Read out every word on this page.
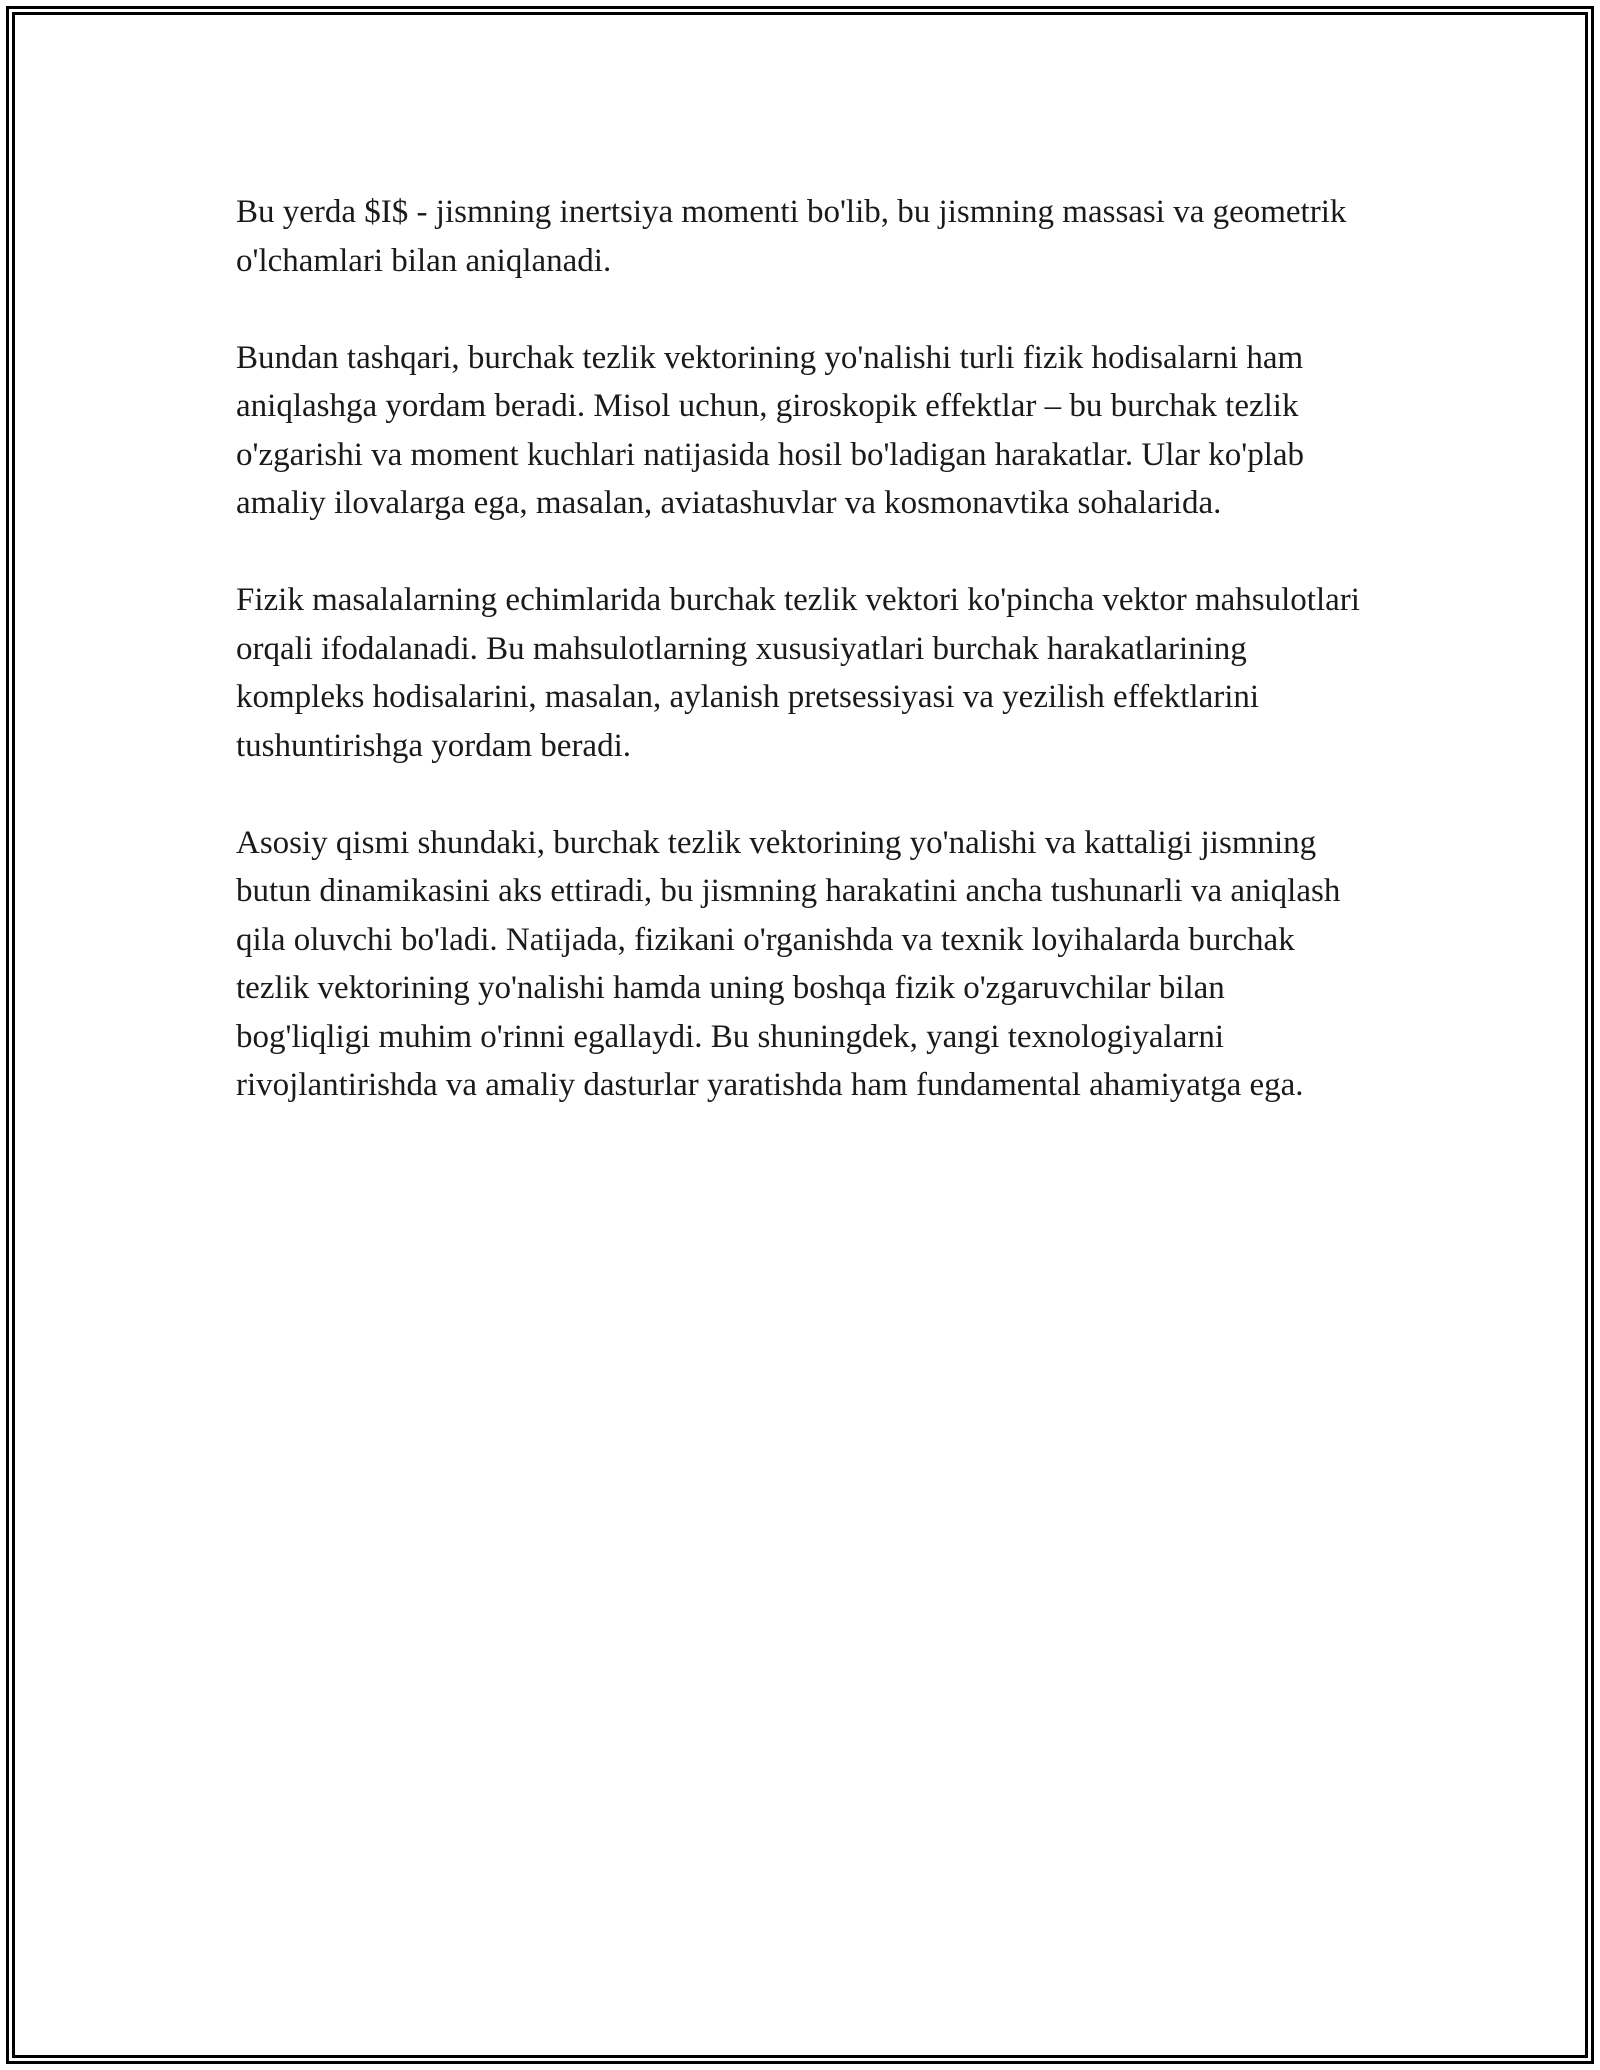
Bu yerda $I$ - jismning inertsiya momenti bo'lib, bu jismning massasi va geometrik o'lchamlari bilan aniqlanadi.

Bundan tashqari, burchak tezlik vektorining yo'nalishi turli fizik hodisalarni ham aniqlashga yordam beradi. Misol uchun, giroskopik effektlar – bu burchak tezlik o'zgarishi va moment kuchlari natijasida hosil bo'ladigan harakatlar. Ular ko'plab amaliy ilovalarga ega, masalan, aviatashuvlar va kosmonavtika sohalarida.

Fizik masalalarning echimlarida burchak tezlik vektori ko'pincha vektor mahsulotlari orqali ifodalanadi. Bu mahsulotlarning xususiyatlari burchak harakatlarining kompleks hodisalarini, masalan, aylanish pretsessiyasi va yezilish effektlarini tushuntirishga yordam beradi.

Asosiy qismi shundaki, burchak tezlik vektorining yo'nalishi va kattaligi jismning butun dinamikasini aks ettiradi, bu jismning harakatini ancha tushunarli va aniqlash qila oluvchi bo'ladi. Natijada, fizikani o'rganishda va texnik loyihalarda burchak tezlik vektorining yo'nalishi hamda uning boshqa fizik o'zgaruvchilar bilan bog'liqligi muhim o'rinni egallaydi. Bu shuningdek, yangi texnologiyalarni rivojlantirishda va amaliy dasturlar yaratishda ham fundamental ahamiyatga ega.
